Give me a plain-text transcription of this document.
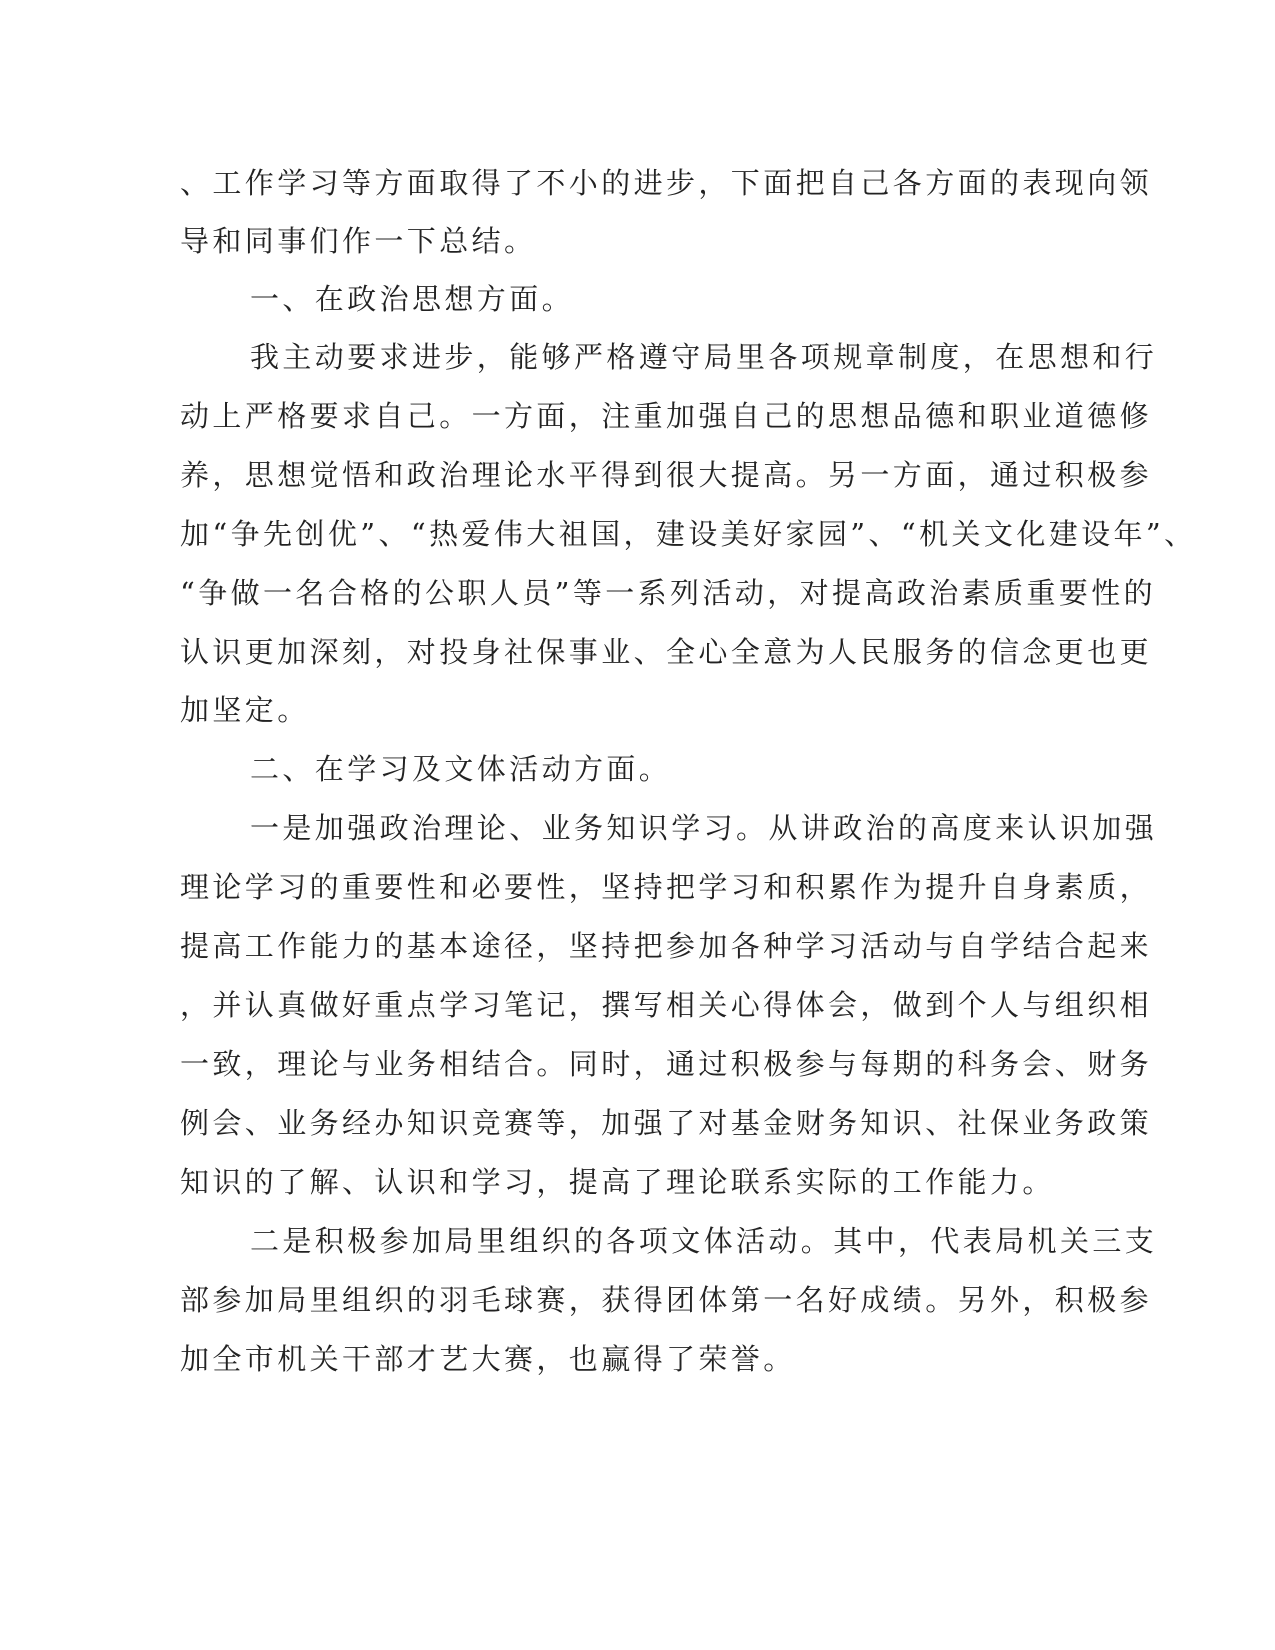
、工作学习等方面取得了不小的进步，下面把自己各方面的表现向领
导和同事们作一下总结。
一、在政治思想方面。
我主动要求进步，能够严格遵守局里各项规章制度，在思想和行
动上严格要求自己。一方面，注重加强自己的思想品德和职业道德修
养，思想觉悟和政治理论水平得到很大提高。另一方面，通过积极参
加“争先创优”、“热爱伟大祖国，建设美好家园”、“机关文化建设年”、
“争做一名合格的公职人员”等一系列活动，对提高政治素质重要性的
认识更加深刻，对投身社保事业、全心全意为人民服务的信念更也更
加坚定。
二、在学习及文体活动方面。
一是加强政治理论、业务知识学习。从讲政治的高度来认识加强
理论学习的重要性和必要性，坚持把学习和积累作为提升自身素质，
提高工作能力的基本途径，坚持把参加各种学习活动与自学结合起来
，并认真做好重点学习笔记，撰写相关心得体会，做到个人与组织相
一致，理论与业务相结合。同时，通过积极参与每期的科务会、财务
例会、业务经办知识竞赛等，加强了对基金财务知识、社保业务政策
知识的了解、认识和学习，提高了理论联系实际的工作能力。
二是积极参加局里组织的各项文体活动。其中，代表局机关三支
部参加局里组织的羽毛球赛，获得团体第一名好成绩。另外，积极参
加全市机关干部才艺大赛，也赢得了荣誉。
